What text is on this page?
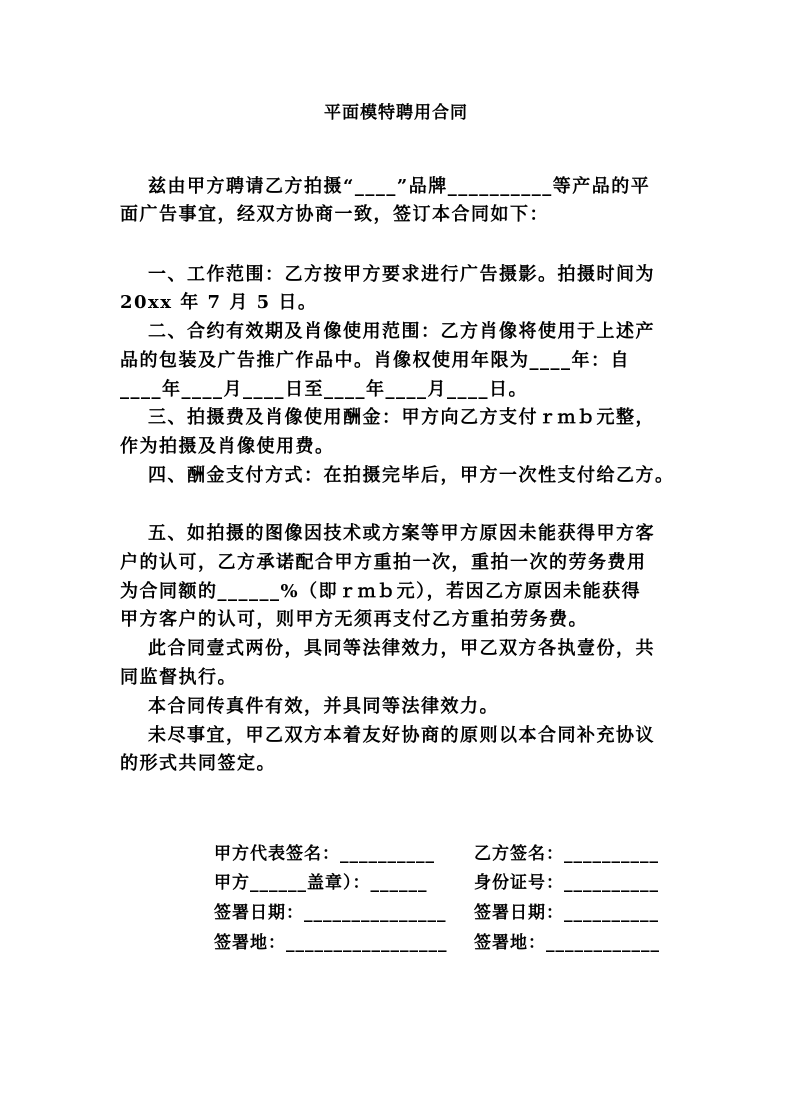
平面模特聘用合同
兹由甲方聘请乙方拍摄“____”品牌__________等产品的平
面广告事宜，经双方协商一致，签订本合同如下：
一、工作范围：乙方按甲方要求进行广告摄影。拍摄时间为
20xx 年 7 月 5 日。
二、合约有效期及肖像使用范围：乙方肖像将使用于上述产
品的包装及广告推广作品中。肖像权使用年限为____年：自
____年____月____日至____年____月____日。
三、拍摄费及肖像使用酬金：甲方向乙方支付ｒｍｂ元整，
作为拍摄及肖像使用费。
四、酬金支付方式：在拍摄完毕后，甲方一次性支付给乙方。
五、如拍摄的图像因技术或方案等甲方原因未能获得甲方客
户的认可，乙方承诺配合甲方重拍一次，重拍一次的劳务费用
为合同额的______%（即ｒｍｂ元），若因乙方原因未能获得
甲方客户的认可，则甲方无须再支付乙方重拍劳务费。
此合同壹式两份，具同等法律效力，甲乙双方各执壹份，共
同监督执行。
本合同传真件有效，并具同等法律效力。
未尽事宜，甲乙双方本着友好协商的原则以本合同补充协议
的形式共同签定。
甲方代表签名：__________
甲方______盖章）：______
签署日期：_______________
签署地：_________________
乙方签名：__________
身份证号：__________
签署日期：__________
签署地：____________
